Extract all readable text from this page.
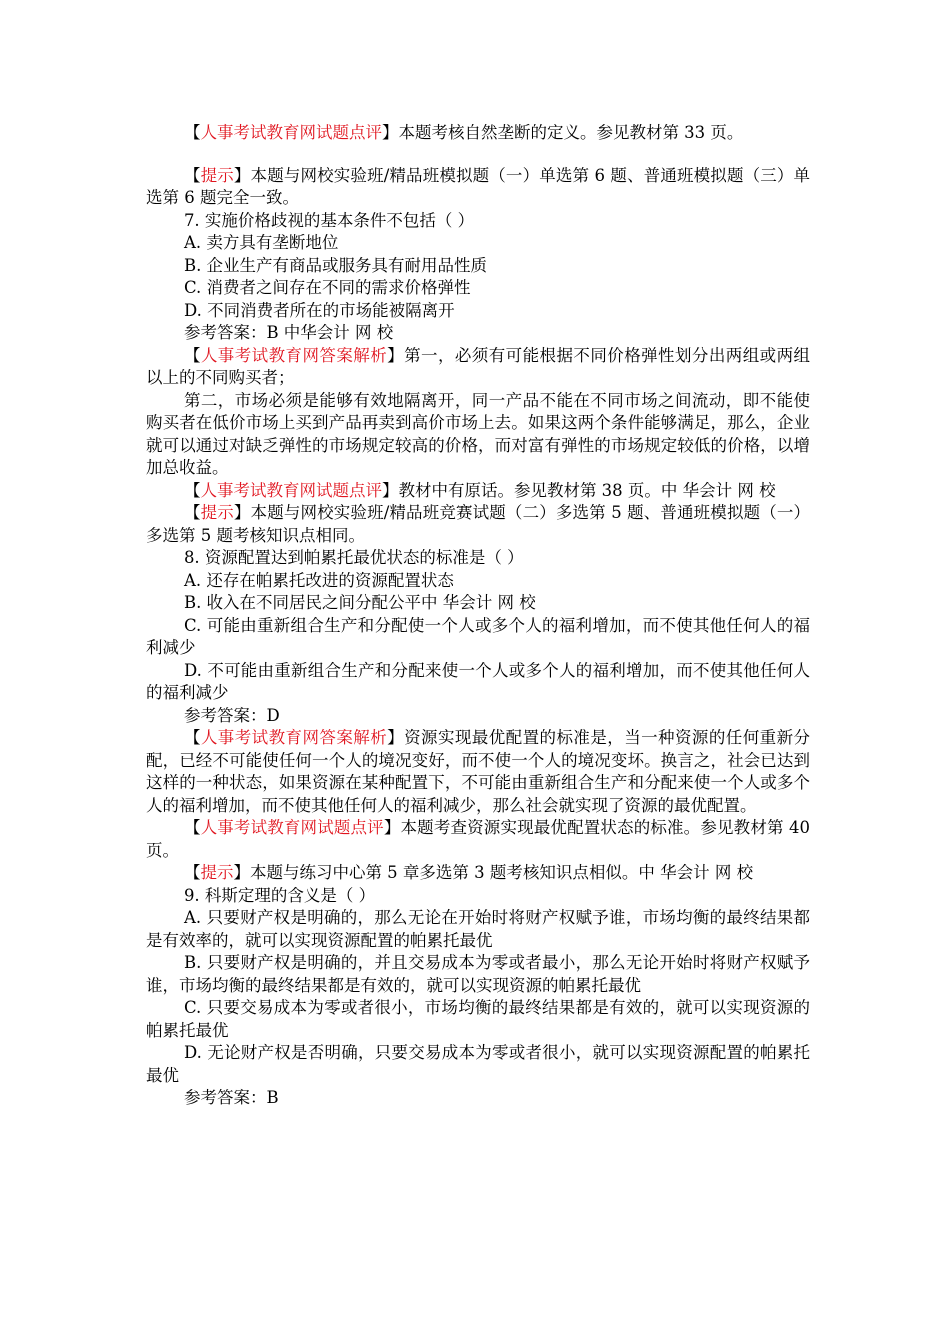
【人事考试教育网试题点评】本题考核自然垄断的定义。参见教材第 33 页。

【提示】本题与网校实验班/精品班模拟题（一）单选第 6 题、普通班模拟题（三）单选第 6 题完全一致。

7. 实施价格歧视的基本条件不包括（ ）

A. 卖方具有垄断地位

B. 企业生产有商品或服务具有耐用品性质

C. 消费者之间存在不同的需求价格弹性

D. 不同消费者所在的市场能被隔离开

参考答案：B 中华会计 网 校

【人事考试教育网答案解析】第一，必须有可能根据不同价格弹性划分出两组或两组以上的不同购买者；

第二，市场必须是能够有效地隔离开，同一产品不能在不同市场之间流动，即不能使购买者在低价市场上买到产品再卖到高价市场上去。如果这两个条件能够满足，那么，企业就可以通过对缺乏弹性的市场规定较高的价格，而对富有弹性的市场规定较低的价格，以增加总收益。

【人事考试教育网试题点评】教材中有原话。参见教材第 38 页。中 华会计 网 校

【提示】本题与网校实验班/精品班竞赛试题（二）多选第 5 题、普通班模拟题（一）多选第 5 题考核知识点相同。

8. 资源配置达到帕累托最优状态的标准是（ ）

A. 还存在帕累托改进的资源配置状态

B. 收入在不同居民之间分配公平中 华会计 网 校

C. 可能由重新组合生产和分配使一个人或多个人的福利增加，而不使其他任何人的福利减少

D. 不可能由重新组合生产和分配来使一个人或多个人的福利增加，而不使其他任何人的福利减少

参考答案：D

【人事考试教育网答案解析】资源实现最优配置的标准是，当一种资源的任何重新分配，已经不可能使任何一个人的境况变好，而不使一个人的境况变坏。换言之，社会已达到这样的一种状态，如果资源在某种配置下，不可能由重新组合生产和分配来使一个人或多个人的福利增加，而不使其他任何人的福利减少，那么社会就实现了资源的最优配置。

【人事考试教育网试题点评】本题考查资源实现最优配置状态的标准。参见教材第 40 页。

【提示】本题与练习中心第 5 章多选第 3 题考核知识点相似。中 华会计 网 校

9. 科斯定理的含义是（ ）

A. 只要财产权是明确的，那么无论在开始时将财产权赋予谁，市场均衡的最终结果都是有效率的，就可以实现资源配置的帕累托最优

B. 只要财产权是明确的，并且交易成本为零或者最小，那么无论开始时将财产权赋予谁，市场均衡的最终结果都是有效的，就可以实现资源的帕累托最优

C. 只要交易成本为零或者很小，市场均衡的最终结果都是有效的，就可以实现资源的帕累托最优

D. 无论财产权是否明确，只要交易成本为零或者很小，就可以实现资源配置的帕累托最优

参考答案：B
